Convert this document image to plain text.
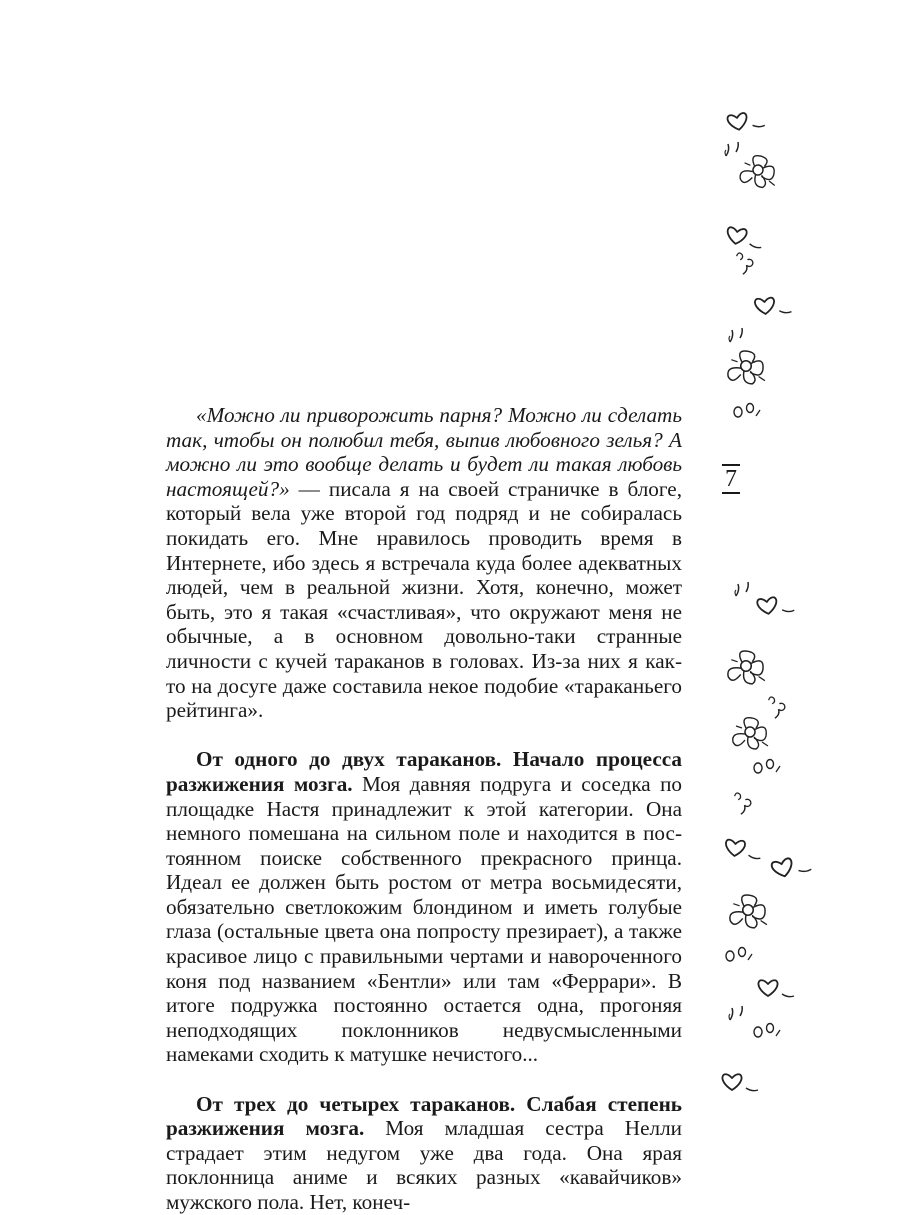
«Можно ли приворожить парня? Можно ли сделать так, чтобы он полюбил тебя, выпив любовного зелья? А можно ли это вообще делать и будет ли такая любовь настоящей?» — писала я на своей страничке в блоге, который вела уже второй год подряд и не собиралась покидать его. Мне нравилось проводить время в Интернете, ибо здесь я встречала куда более адекватных людей, чем в реальной жизни. Хотя, конечно, может быть, это я такая «счастливая», что окружают меня не обычные, а в основном довольно-таки странные личности с кучей тараканов в головах. Из-за них я как-то на досуге даже составила некое подобие «тараканьего рейтинга».

От одного до двух тараканов. Начало процесса разжижения мозга. Моя давняя подруга и соседка по площадке Настя принадлежит к этой категории. Она немного помешана на сильном поле и находится в постоянном поиске собственного прекрасного принца. Идеал ее должен быть ростом от метра восьмидесяти, обязательно светлокожим блондином и иметь голубые глаза (остальные цвета она попросту презирает), а также красивое лицо с правильными чертами и навороченного коня под названием «Бентли» или там «Феррари». В итоге подружка постоянно остается одна, прогоняя неподходящих поклонников недвусмысленными намеками сходить к матушке нечистого...

От трех до четырех тараканов. Слабая степень разжижения мозга. Моя младшая сестра Нелли страдает этим недугом уже два года. Она ярая поклонница аниме и всяких разных «кавайчиков» мужского пола. Нет, конеч-

7
